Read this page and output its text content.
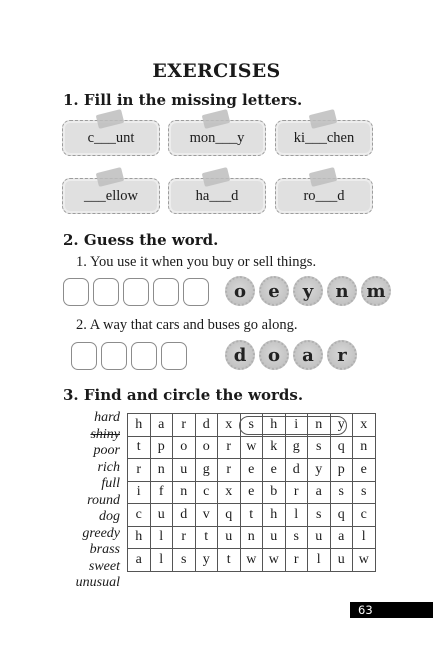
EXERCISES
1. Fill in the missing letters.
c___unt	mon___y	ki___chen
___ellow	ha___d	ro___d
2. Guess the word.
1. You use it when you buy or sell things.
o	e	y	n m
2. A way that cars and buses go along.
d	o	a	r
3. Find and circle the words.
hard
shiny
poor
rich
full
round
dog
greedy
brass
sweet
unusual
h	a	r	d	x	s	h	i	n	y	x
t	p	o	o	r	w	k	g	s	q	n
r	n	u	g	r	e	e	d	y	p	e
i	f	n	c	x	e	b	r	a	s	s
c	u	d	v	q	t	h	l	s	q	c
h	l	r	t	u	n	u	s	u	a	l
a	l	s	y	t	w	w	r	l	u	w
63
